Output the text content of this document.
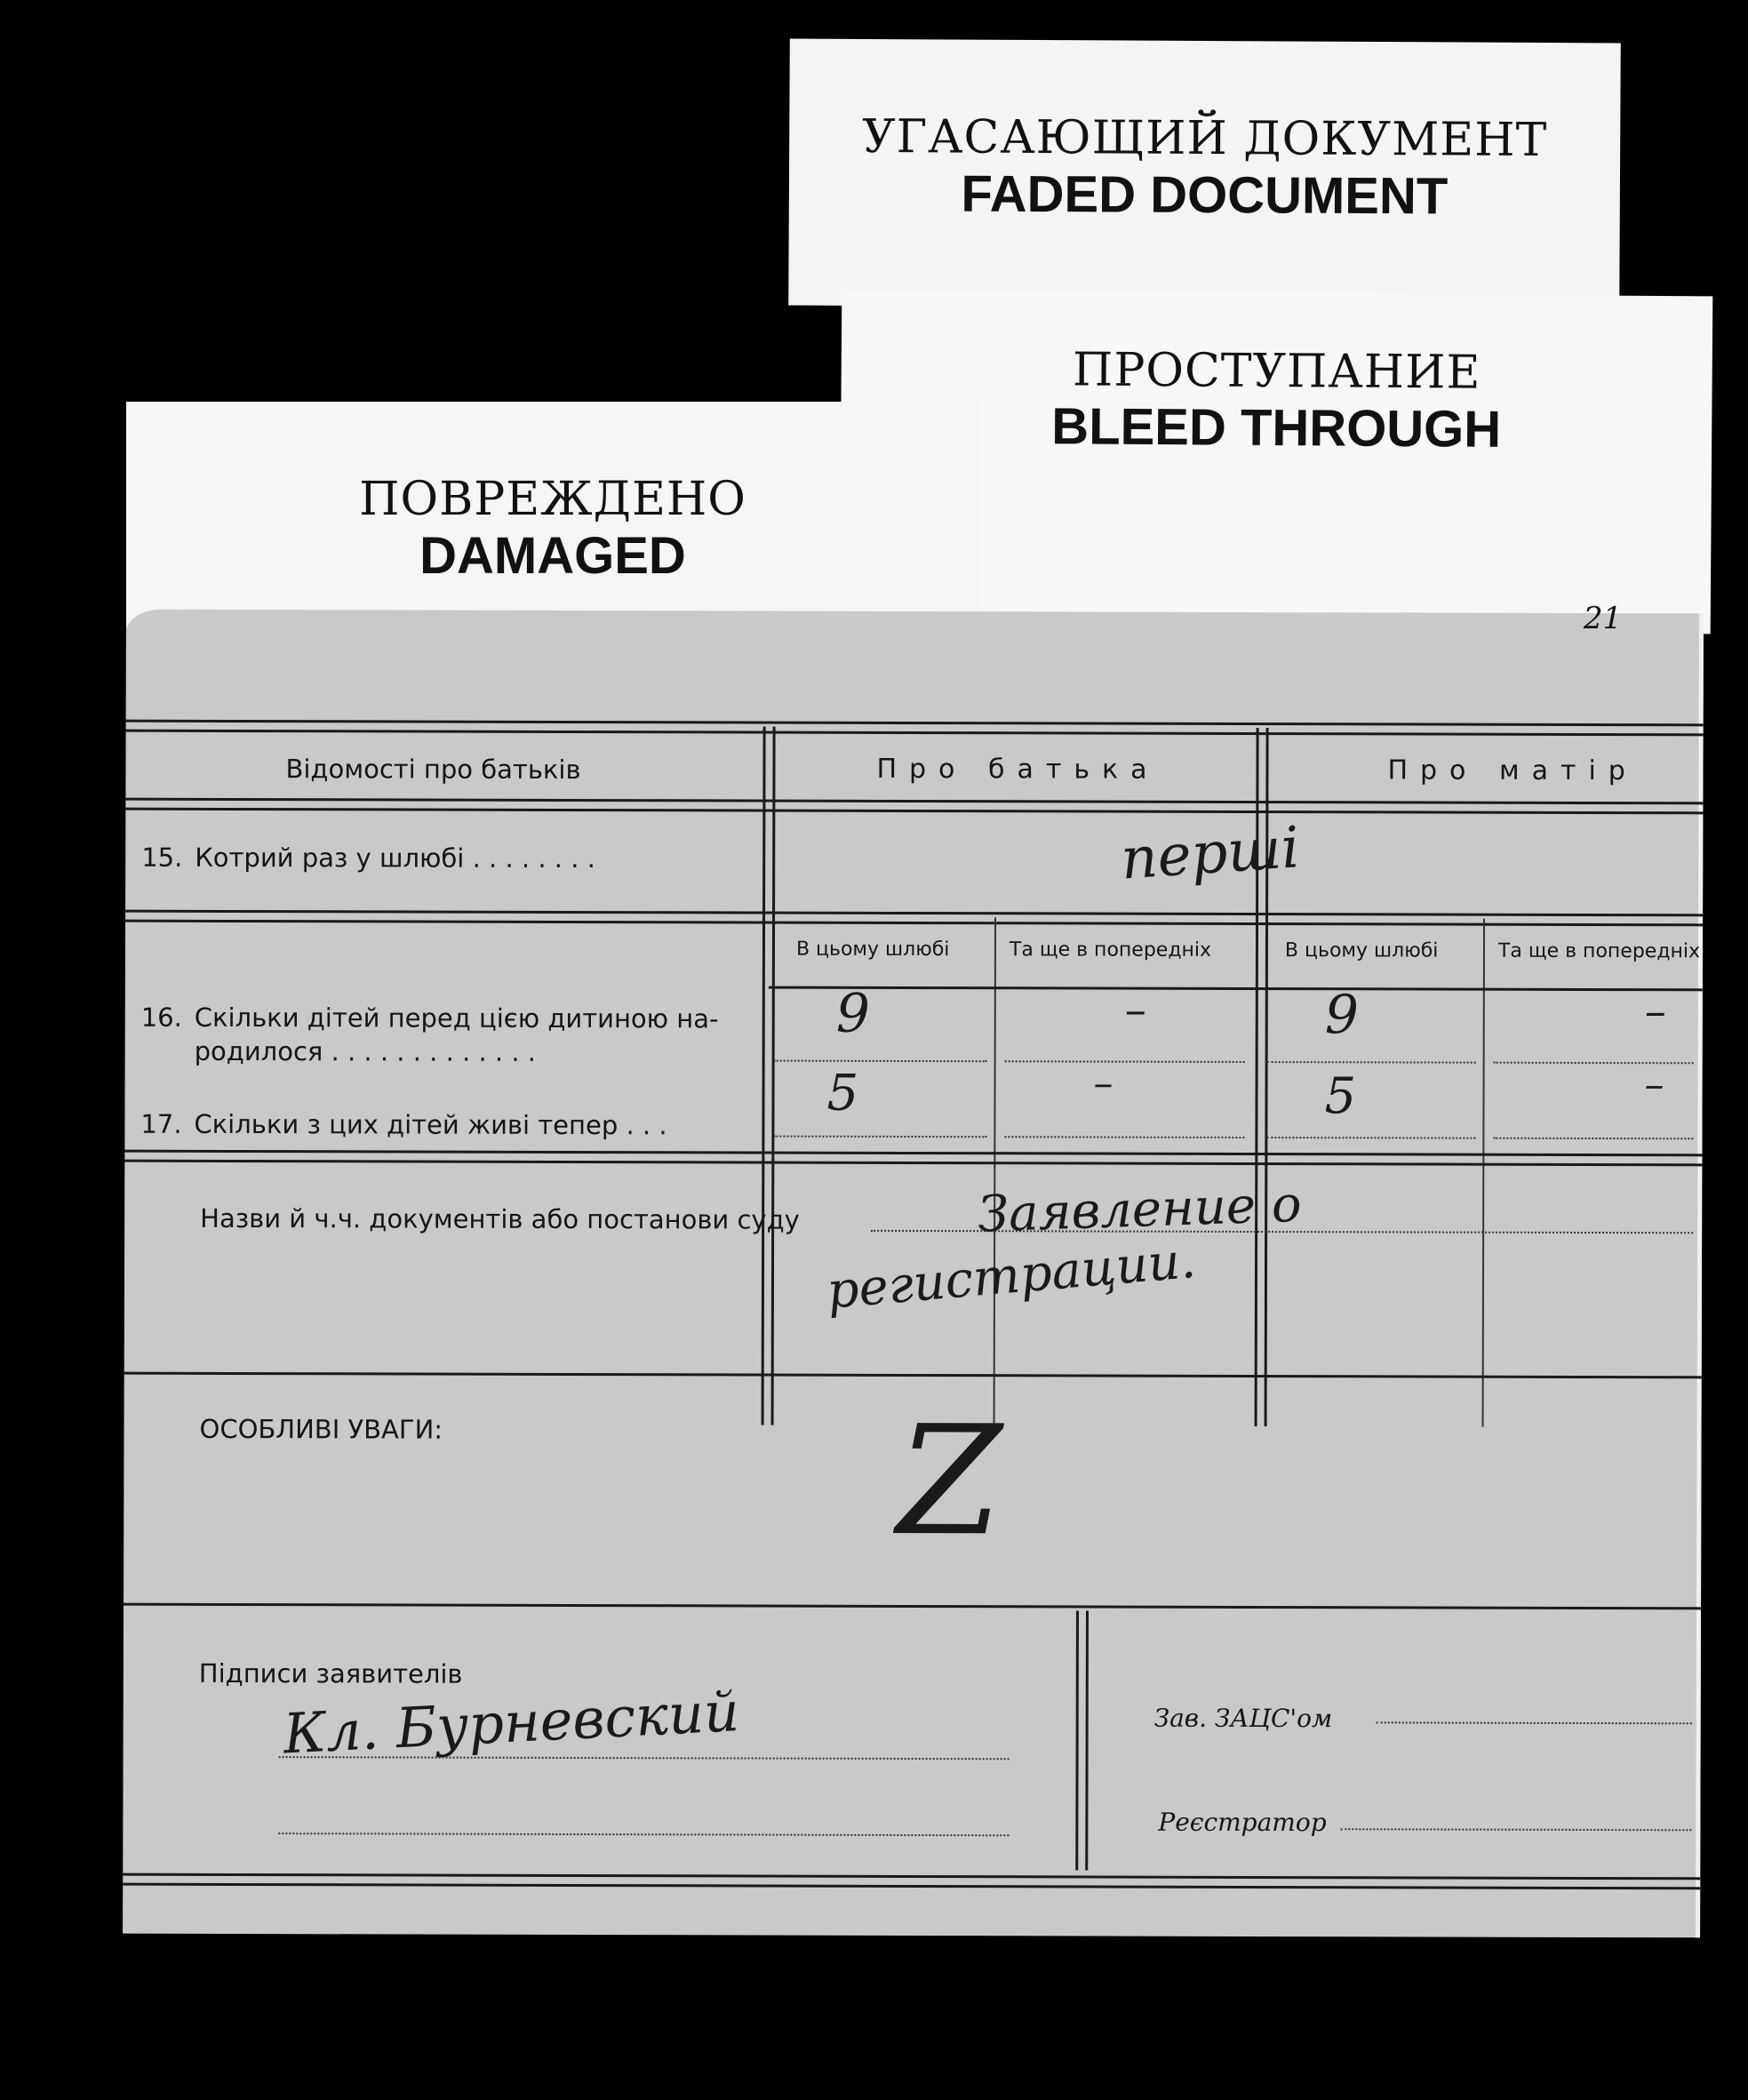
УГАСАЮЩИЙ ДОКУМЕНТ
FADED DOCUMENT
ПРОСТУПАНИЕ
BLEED THROUGH
ПОВРЕЖДЕНО
DAMAGED
21
Відомості про батьків	Про батька	Про матір
15. Котрий раз у шлюбі . . . . . . . .	перші
В цьому шлюбі	Та ще в попередніх	В цьому шлюбі	Та ще в попередніх
16. Скільки дітей перед цією дитиною на-
родилося . . . . . . . . . . . . .
9	–	9	–
17. Скільки з цих дітей живі тепер . . .
5	–	5	–
Назви й ч.ч. документів або постанови суду	Заявление о
регистрации.
ОСОБЛИВІ УВАГИ:	Z
Підписи заявителів
Кл. Бурневский	Зав. ЗАЦС'ом
Реєстратор
